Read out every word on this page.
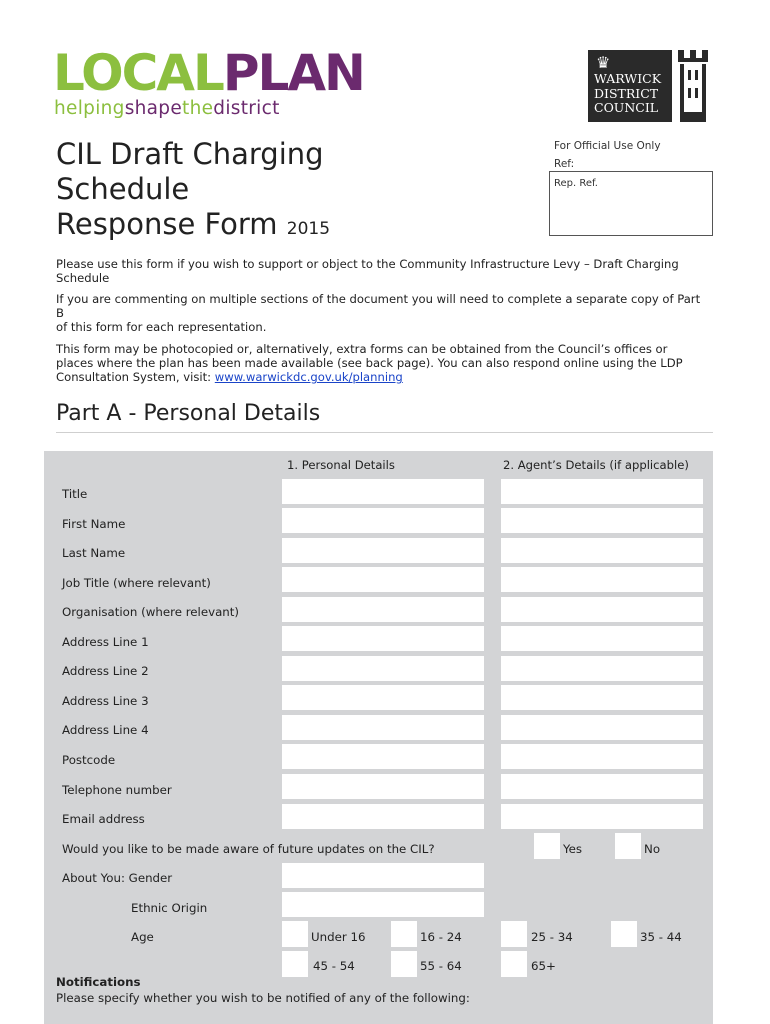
LOCALPLAN
helpingshapethedistrict
♛
WARWICK
DISTRICT
COUNCIL
CIL Draft Charging
Schedule
Response Form 2015
For Official Use Only
Ref:
Rep. Ref.
Please use this form if you wish to support or object to the Community Infrastructure Levy – Draft Charging Schedule
If you are commenting on multiple sections of the document you will need to complete a separate copy of Part B
of this form for each representation.
This form may be photocopied or, alternatively, extra forms can be obtained from the Council’s offices or places where the plan has been made available (see back page). You can also respond online using the LDP Consultation System, visit: www.warwickdc.gov.uk/planning
Part A - Personal Details
1. Personal Details	2. Agent’s Details (if applicable)
Title
First Name
Last Name
Job Title (where relevant)
Organisation (where relevant)
Address Line 1
Address Line 2
Address Line 3
Address Line 4
Postcode
Telephone number
Email address
Would you like to be made aware of future updates on the CIL?	Yes	No
About You: Gender
Ethnic Origin
Age	Under 16	16 - 24	25 - 34	35 - 44
45 - 54	55 - 64	65+
Notifications
Please specify whether you wish to be notified of any of the following:
